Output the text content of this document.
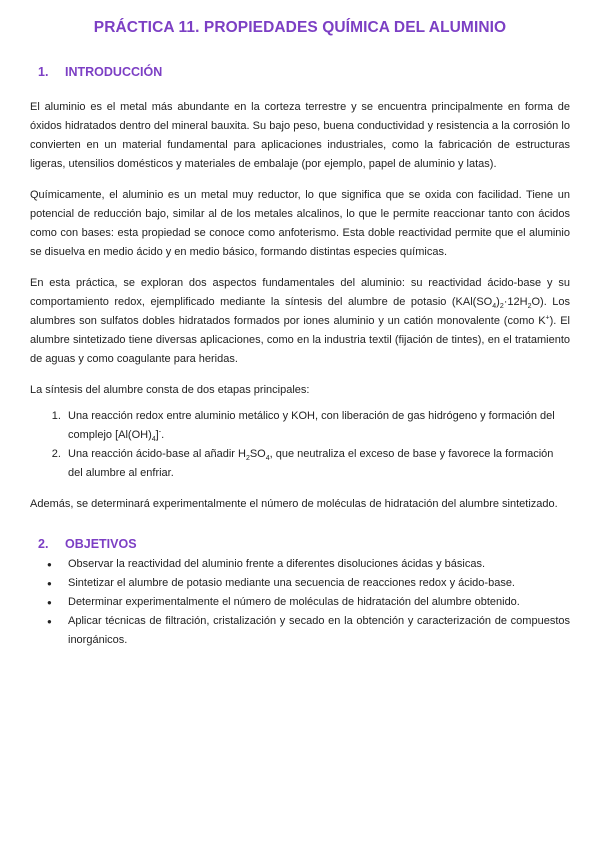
PRÁCTICA 11. PROPIEDADES QUÍMICA DEL ALUMINIO
1.	INTRODUCCIÓN

El aluminio es el metal más abundante en la corteza terrestre y se encuentra principalmente en forma de óxidos hidratados dentro del mineral bauxita. Su bajo peso, buena conductividad y resistencia a la corrosión lo convierten en un material fundamental para aplicaciones industriales, como la fabricación de estructuras ligeras, utensilios domésticos y materiales de embalaje (por ejemplo, papel de aluminio y latas).

Químicamente, el aluminio es un metal muy reductor, lo que significa que se oxida con facilidad. Tiene un potencial de reducción bajo, similar al de los metales alcalinos, lo que le permite reaccionar tanto con ácidos como con bases: esta propiedad se conoce como anfoterismo. Esta doble reactividad permite que el aluminio se disuelva en medio ácido y en medio básico, formando distintas especies químicas.

En esta práctica, se exploran dos aspectos fundamentales del aluminio: su reactividad ácido-base y su comportamiento redox, ejemplificado mediante la síntesis del alumbre de potasio $(KAl(SO_4)_2\cdot 12H_2O)$. Los alumbres son sulfatos dobles hidratados formados por iones aluminio y un catión monovalente (como K+). El alumbre sintetizado tiene diversas aplicaciones, como en la industria textil (fijación de tintes), en el tratamiento de aguas y como coagulante para heridas.

La síntesis del alumbre consta de dos etapas principales:

1. Una reacción redox entre aluminio metálico y KOH, con liberación de gas hidrógeno y formación del complejo $[Al(OH)_4]^-$.
2. Una reacción ácido-base al añadir $H_2SO_4$, que neutraliza el exceso de base y favorece la formación del alumbre al enfriar.

Además, se determinará experimentalmente el número de moléculas de hidratación del alumbre sintetizado.

2.	OBJETIVOS
● Observar la reactividad del aluminio frente a diferentes disoluciones ácidas y básicas.
● Sintetizar el alumbre de potasio mediante una secuencia de reacciones redox y ácido-base.
● Determinar experimentalmente el número de moléculas de hidratación del alumbre obtenido.
● Aplicar técnicas de filtración, cristalización y secado en la obtención y caracterización de compuestos inorgánicos.
